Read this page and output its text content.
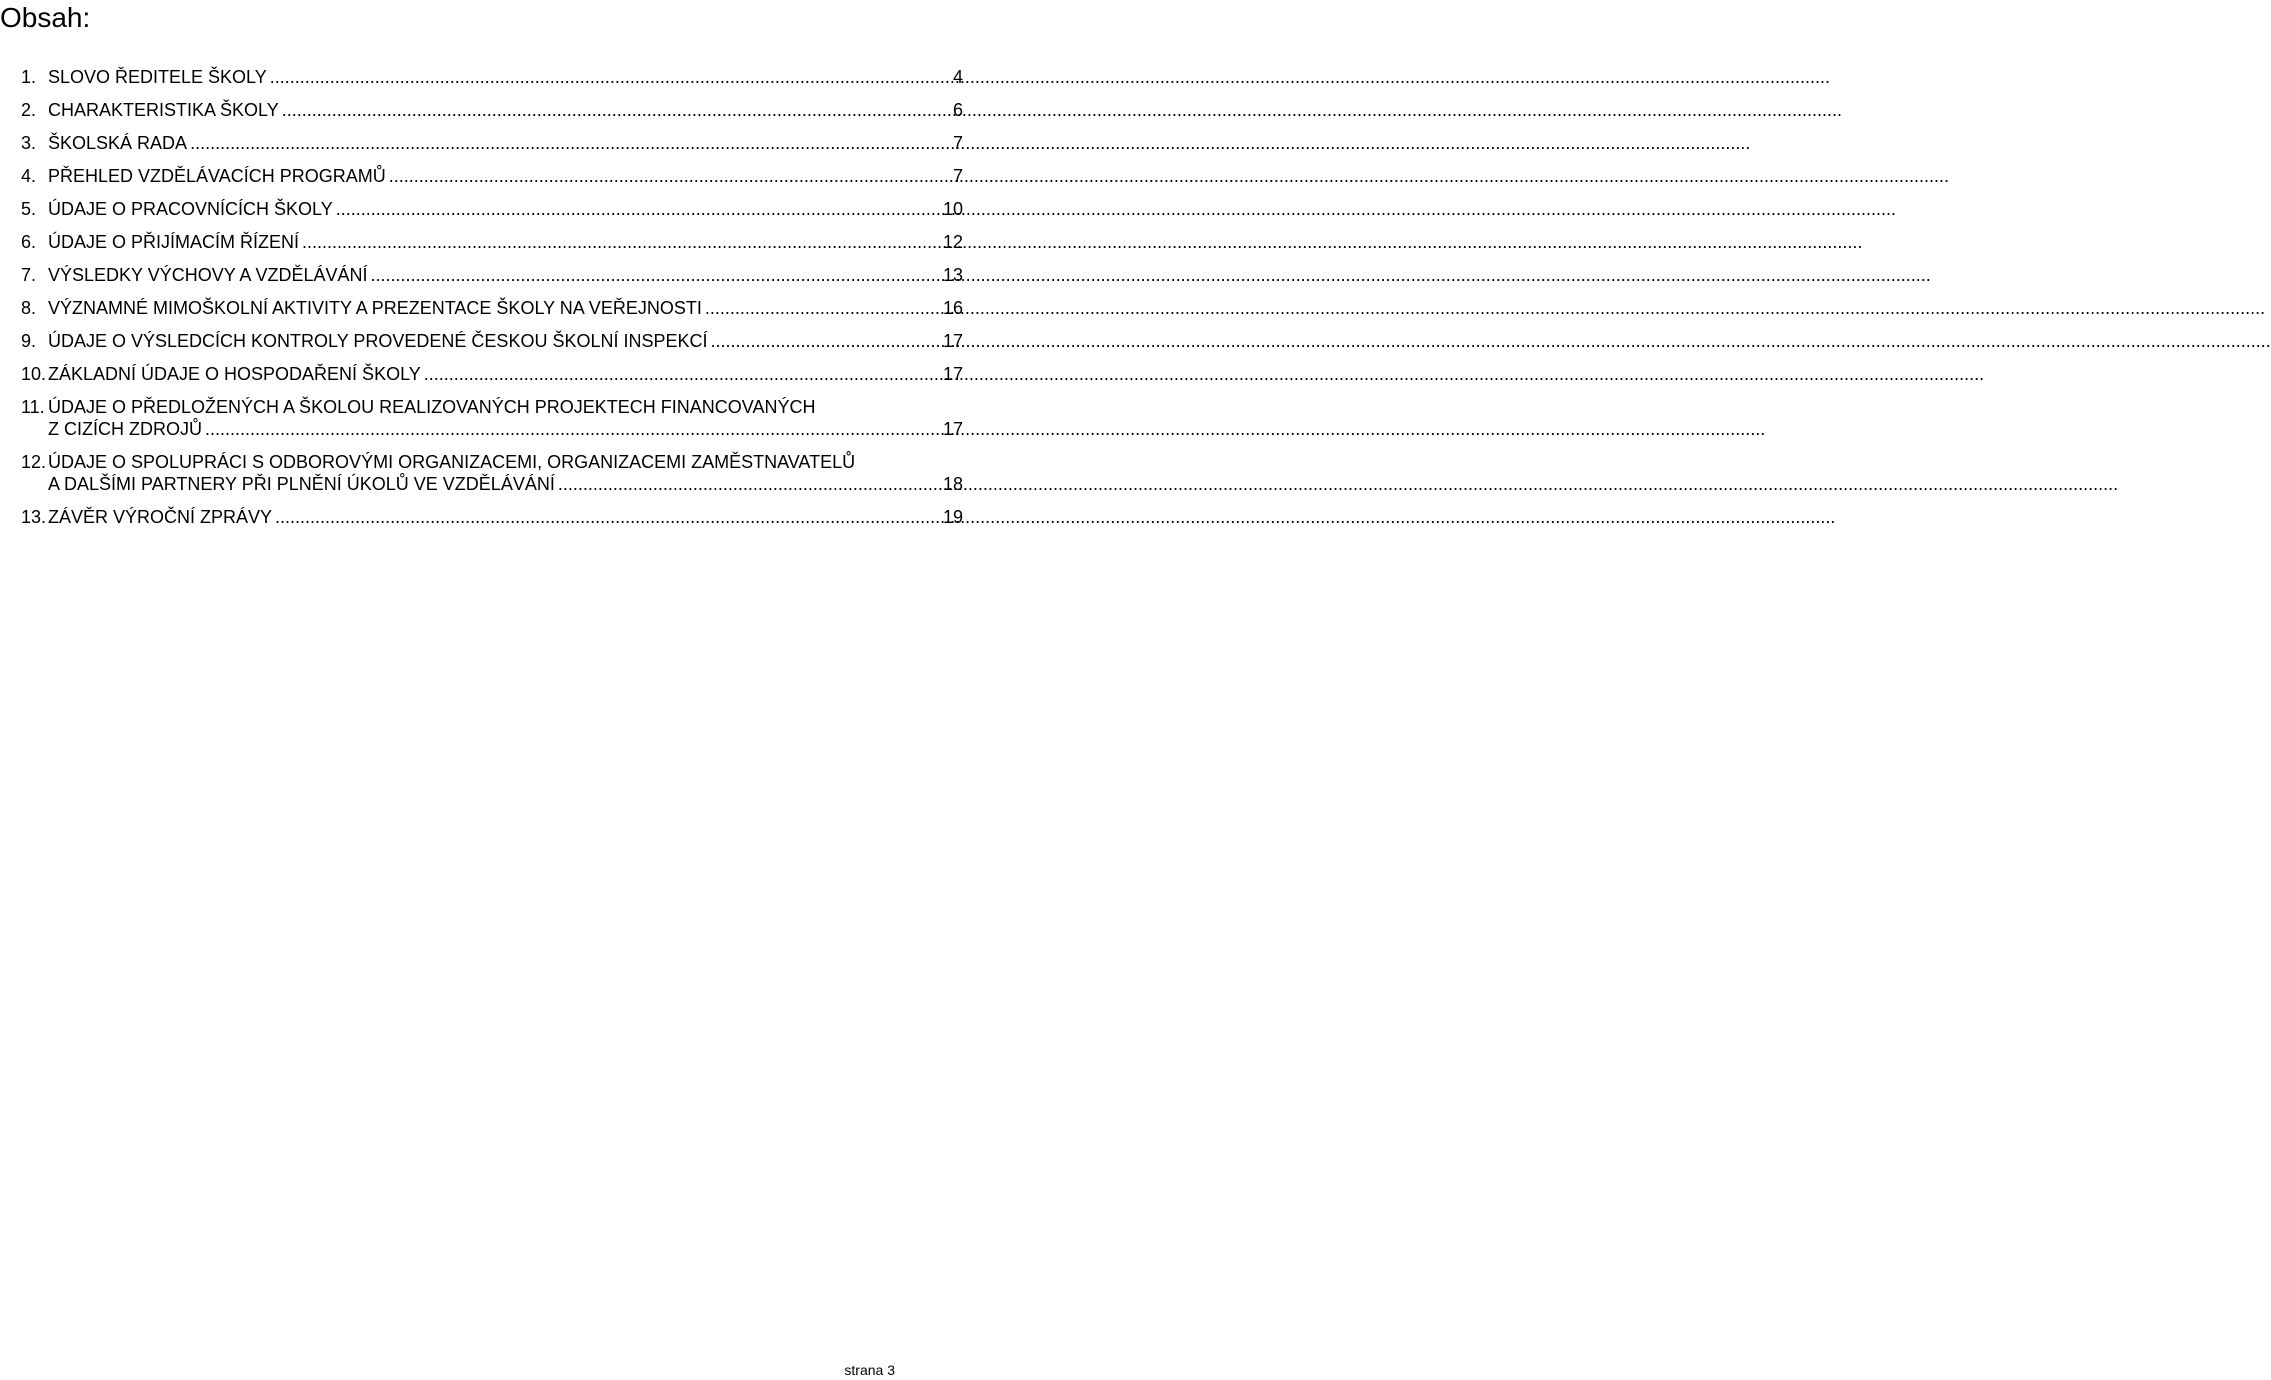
Obsah:
1. SLOVO ŘEDITELE ŠKOLY .....	4
2. CHARAKTERISTIKA ŠKOLY .....	6
3. ŠKOLSKÁ RADA .....	7
4. PŘEHLED VZDĚLÁVACÍCH PROGRAMŮ .....	7
5. ÚDAJE O PRACOVNÍCÍCH ŠKOLY .....	10
6. ÚDAJE O PŘIJÍMACÍM ŘÍZENÍ .....	12
7. VÝSLEDKY VÝCHOVY A VZDĚLÁVÁNÍ .....	13
8. VÝZNAMNÉ MIMOŠKOLNÍ AKTIVITY A PREZENTACE ŠKOLY NA VEŘEJNOSTI .....	16
9. ÚDAJE O VÝSLEDCÍCH KONTROLY PROVEDENÉ ČESKOU ŠKOLNÍ INSPEKCÍ .....	17
10. ZÁKLADNÍ ÚDAJE O HOSPODAŘENÍ ŠKOLY .....	17
11. ÚDAJE O PŘEDLOŽENÝCH A ŠKOLOU REALIZOVANÝCH PROJEKTECH FINANCOVANÝCH
Z CIZÍCH ZDROJŮ .....	17
12. ÚDAJE O SPOLUPRÁCI S ODBOROVÝMI ORGANIZACEMI, ORGANIZACEMI ZAMĚSTNAVATELŮ
A DALŠÍMI PARTNERY PŘI PLNĚNÍ ÚKOLŮ VE VZDĚLÁVÁNÍ .....	18
13. ZÁVĚR VÝROČNÍ ZPRÁVY .....	19
strana 3
